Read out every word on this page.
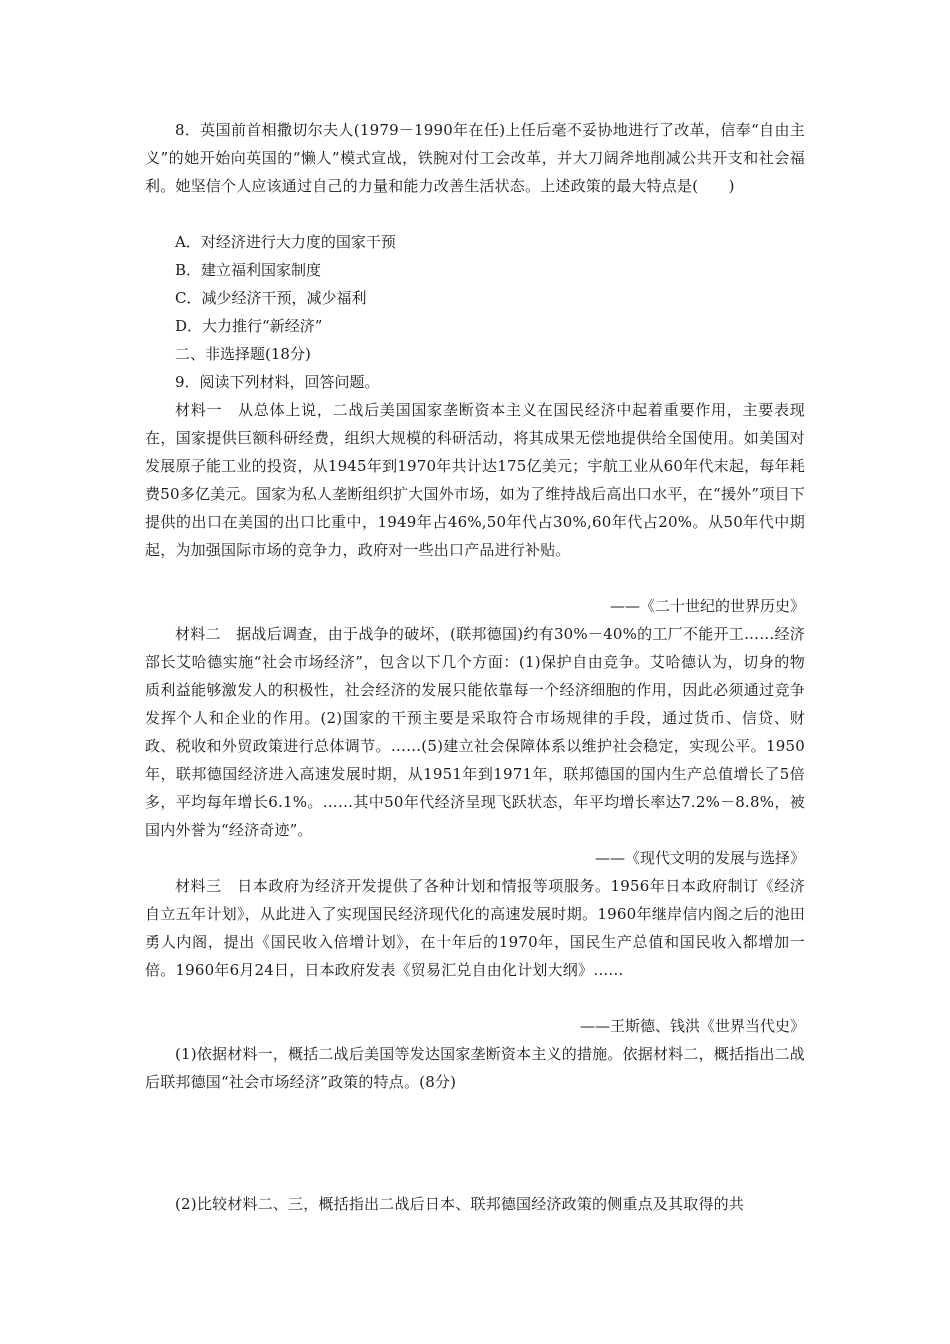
8．英国前首相撒切尔夫人(1979－1990年在任)上任后毫不妥协地进行了改革，信奉“自由主义”的她开始向英国的“懒人”模式宣战，铁腕对付工会改革，并大刀阔斧地削减公共开支和社会福利。她坚信个人应该通过自己的力量和能力改善生活状态。上述政策的最大特点是(　　)

A．对经济进行大力度的国家干预
B．建立福利国家制度
C．减少经济干预，减少福利
D．大力推行“新经济”
二、非选择题(18分)
9．阅读下列材料，回答问题。

材料一　从总体上说，二战后美国国家垄断资本主义在国民经济中起着重要作用，主要表现在，国家提供巨额科研经费，组织大规模的科研活动，将其成果无偿地提供给全国使用。如美国对发展原子能工业的投资，从1945年到1970年共计达175亿美元；宇航工业从60年代末起，每年耗费50多亿美元。国家为私人垄断组织扩大国外市场，如为了维持战后高出口水平，在“援外”项目下提供的出口在美国的出口比重中，1949年占46%,50年代占30%,60年代占20%。从50年代中期起，为加强国际市场的竞争力，政府对一些出口产品进行补贴。

——《二十世纪的世界历史》

材料二　据战后调查，由于战争的破坏，(联邦德国)约有30%－40%的工厂不能开工……经济部长艾哈德实施“社会市场经济”，包含以下几个方面：(1)保护自由竞争。艾哈德认为，切身的物质利益能够激发人的积极性，社会经济的发展只能依靠每一个经济细胞的作用，因此必须通过竞争发挥个人和企业的作用。(2)国家的干预主要是采取符合市场规律的手段，通过货币、信贷、财政、税收和外贸政策进行总体调节。……(5)建立社会保障体系以维护社会稳定，实现公平。1950年，联邦德国经济进入高速发展时期，从1951年到1971年，联邦德国的国内生产总值增长了5倍多，平均每年增长6.1%。……其中50年代经济呈现飞跃状态，年平均增长率达7.2%－8.8%，被国内外誉为“经济奇迹”。

——《现代文明的发展与选择》

材料三　日本政府为经济开发提供了各种计划和情报等项服务。1956年日本政府制订《经济自立五年计划》，从此进入了实现国民经济现代化的高速发展时期。1960年继岸信内阁之后的池田勇人内阁，提出《国民收入倍增计划》，在十年后的1970年，国民生产总值和国民收入都增加一倍。1960年6月24日，日本政府发表《贸易汇兑自由化计划大纲》……

——王斯德、钱洪《世界当代史》

(1)依据材料一，概括二战后美国等发达国家垄断资本主义的措施。依据材料二，概括指出二战后联邦德国“社会市场经济”政策的特点。(8分)

(2)比较材料二、三，概括指出二战后日本、联邦德国经济政策的侧重点及其取得的共
